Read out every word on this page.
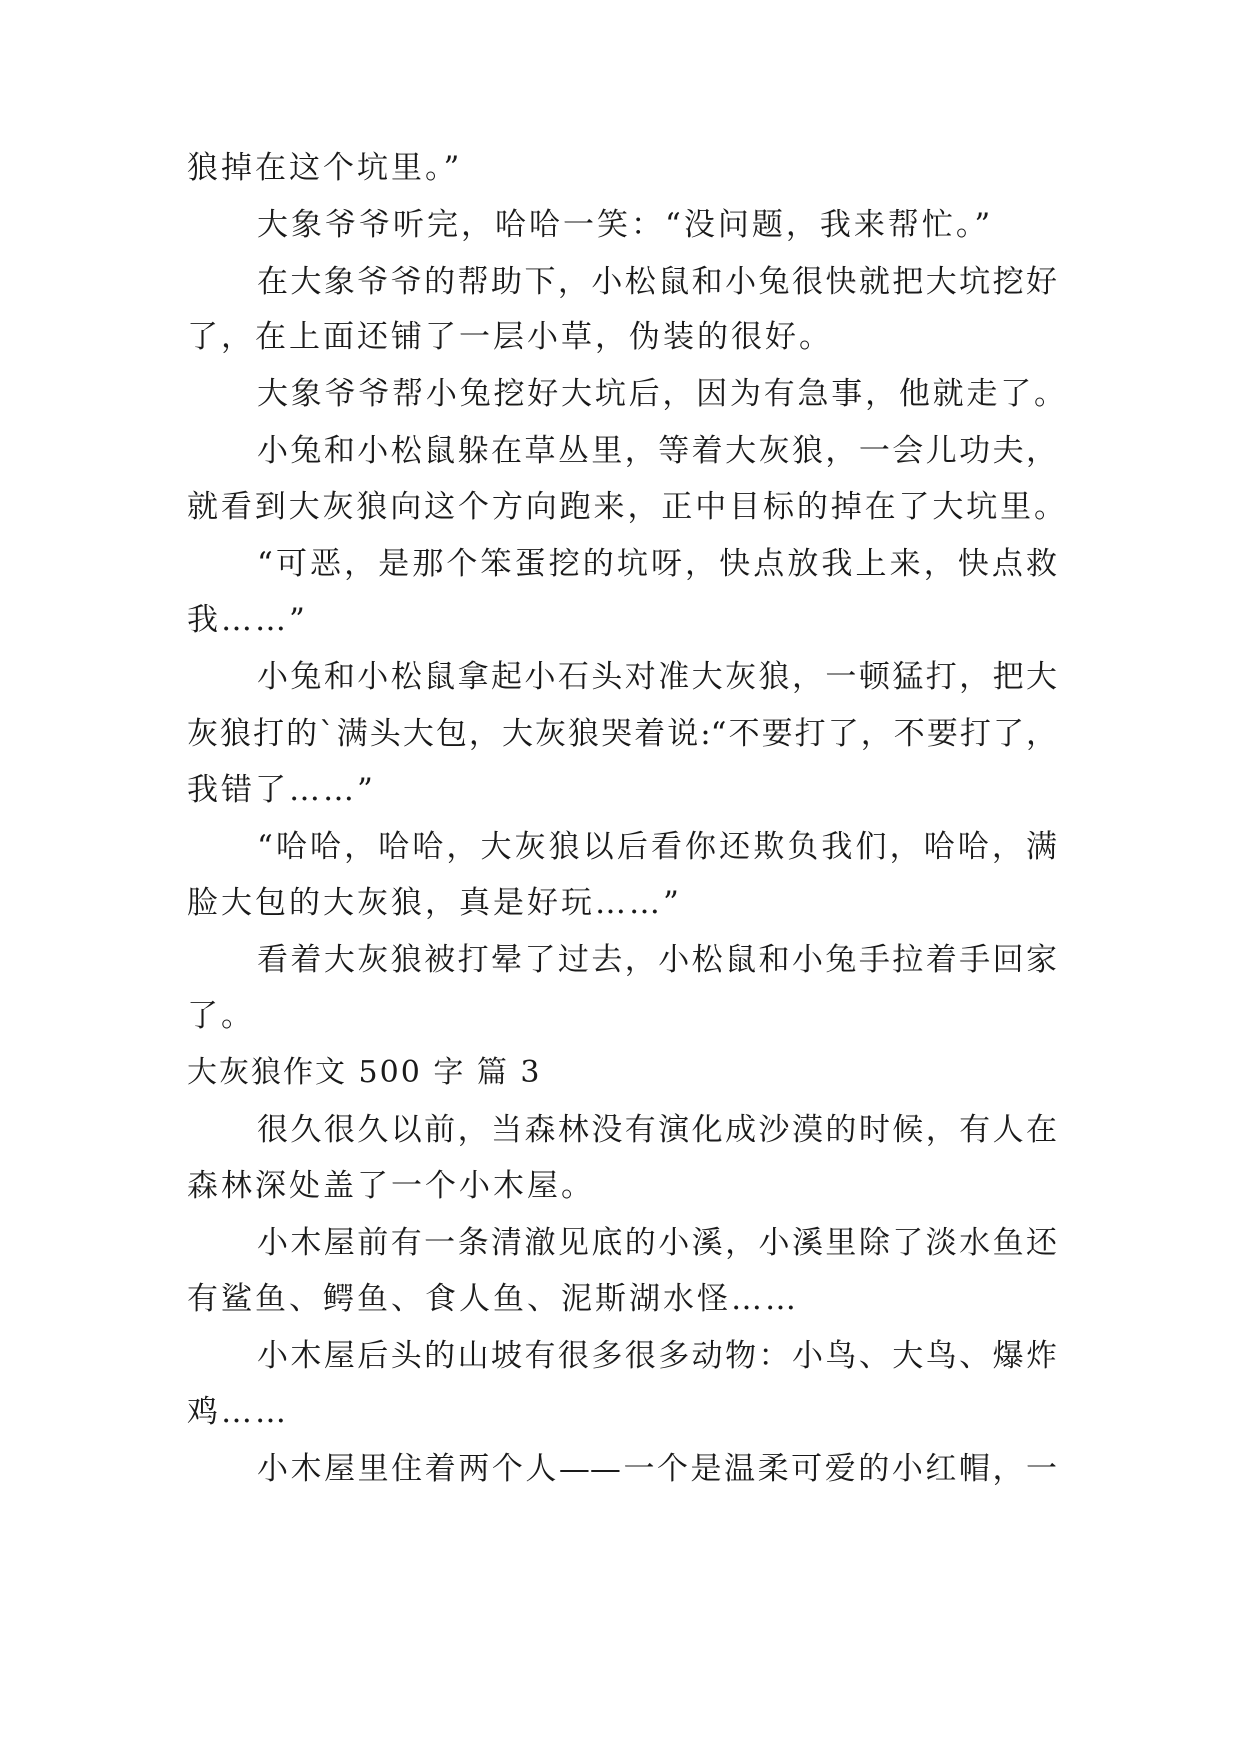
狼掉在这个坑里。”
大象爷爷听完，哈哈一笑：“没问题，我来帮忙。”
在大象爷爷的帮助下，小松鼠和小兔很快就把大坑挖好
了，在上面还铺了一层小草，伪装的很好。
大象爷爷帮小兔挖好大坑后，因为有急事，他就走了。
小兔和小松鼠躲在草丛里，等着大灰狼，一会儿功夫，
就看到大灰狼向这个方向跑来，正中目标的掉在了大坑里。
“可恶，是那个笨蛋挖的坑呀，快点放我上来，快点救
我……”
小兔和小松鼠拿起小石头对准大灰狼，一顿猛打，把大
灰狼打的`满头大包，大灰狼哭着说:“不要打了，不要打了，
我错了……”
“哈哈，哈哈，大灰狼以后看你还欺负我们，哈哈，满
脸大包的大灰狼，真是好玩……”
看着大灰狼被打晕了过去，小松鼠和小兔手拉着手回家
了。
大灰狼作文 500 字 篇 3
很久很久以前，当森林没有演化成沙漠的时候，有人在
森林深处盖了一个小木屋。
小木屋前有一条清澈见底的小溪，小溪里除了淡水鱼还
有鲨鱼、鳄鱼、食人鱼、泥斯湖水怪……
小木屋后头的山坡有很多很多动物：小鸟、大鸟、爆炸
鸡……
小木屋里住着两个人——一个是温柔可爱的小红帽，一
